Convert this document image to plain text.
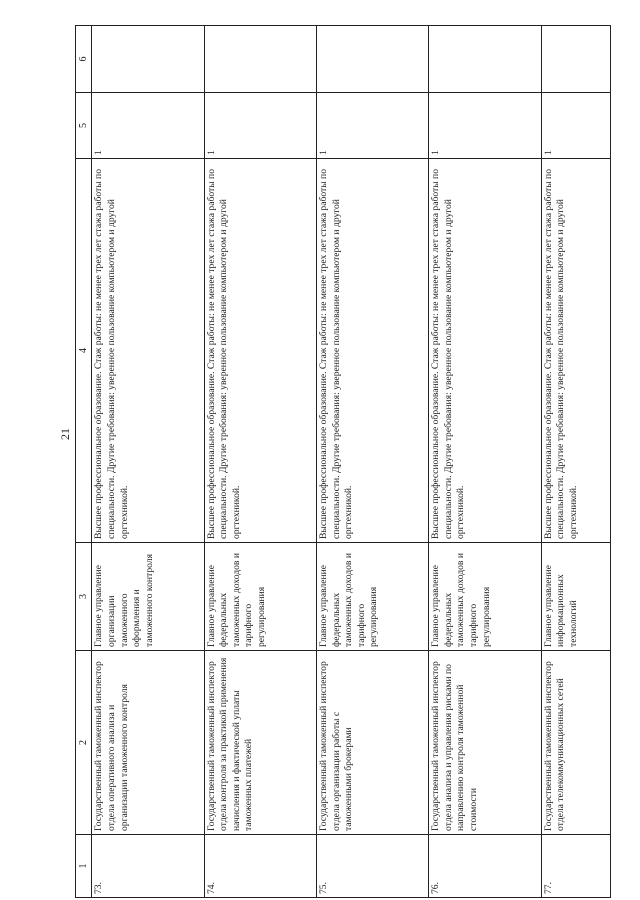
21
1	2	3	4	5	6
73.	Государственный таможенный инспектор отдела оперативного анализа и организации таможенного контроля	Главное управление организации таможенного оформления и таможенного контроля	Высшее профессиональное образование. Стаж работы: не менее трех лет стажа работы по специальности. Другие требования: уверенное пользование компьютером и другой оргтехникой.	1	
74.	Государственный таможенный инспектор отдела контроля за практикой применения начисления и фактической уплаты таможенных платежей	Главное управление федеральных таможенных доходов и тарифного регулирования	Высшее профессиональное образование. Стаж работы: не менее трех лет стажа работы по специальности. Другие требования: уверенное пользование компьютером и другой оргтехникой.	1	
75.	Государственный таможенный инспектор отдела организации работы с таможенными брокерами	Главное управление федеральных таможенных доходов и тарифного регулирования	Высшее профессиональное образование. Стаж работы: не менее трех лет стажа работы по специальности. Другие требования: уверенное пользование компьютером и другой оргтехникой.	1	
76.	Государственный таможенный инспектор отдела анализа и управления рисками по направлению контроля таможенной стоимости	Главное управление федеральных таможенных доходов и тарифного регулирования	Высшее профессиональное образование. Стаж работы: не менее трех лет стажа работы по специальности. Другие требования: уверенное пользование компьютером и другой оргтехникой.	1	
77.	Государственный таможенный инспектор отдела телекоммуникационных сетей	Главное управление информационных технологий	Высшее профессиональное образование. Стаж работы: не менее трех лет стажа работы по специальности. Другие требования: уверенное пользование компьютером и другой оргтехникой.	1	
